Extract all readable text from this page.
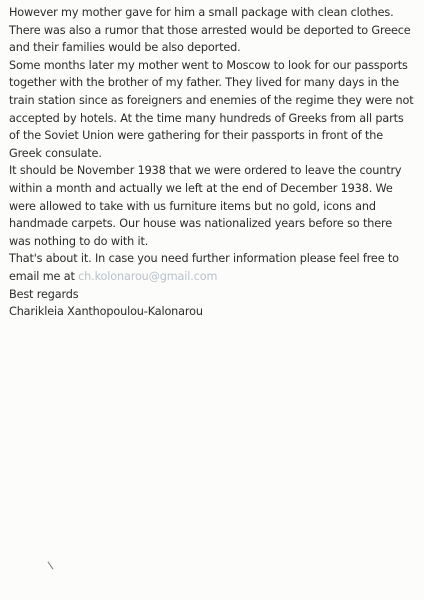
However my mother gave for him a small package with clean clothes.
There was also a rumor that those arrested would be deported to Greece
and their families would be also deported.
Some months later my mother went to Moscow to look for our passports
together with the brother of my father. They lived for many days in the
train station since as foreigners and enemies of the regime they were not
accepted by hotels. At the time many hundreds of Greeks from all parts
of the Soviet Union were gathering for their passports in front of the
Greek consulate.
It should be November 1938 that we were ordered to leave the country
within a month and actually we left at the end of December 1938. We
were allowed to take with us furniture items but no gold, icons and
handmade carpets. Our house was nationalized years before so there
was nothing to do with it.
That's about it. In case you need further information please feel free to
email me at ch.kolonarou@gmail.com
Best regards
Charikleia Xanthopoulou-Kalonarou
